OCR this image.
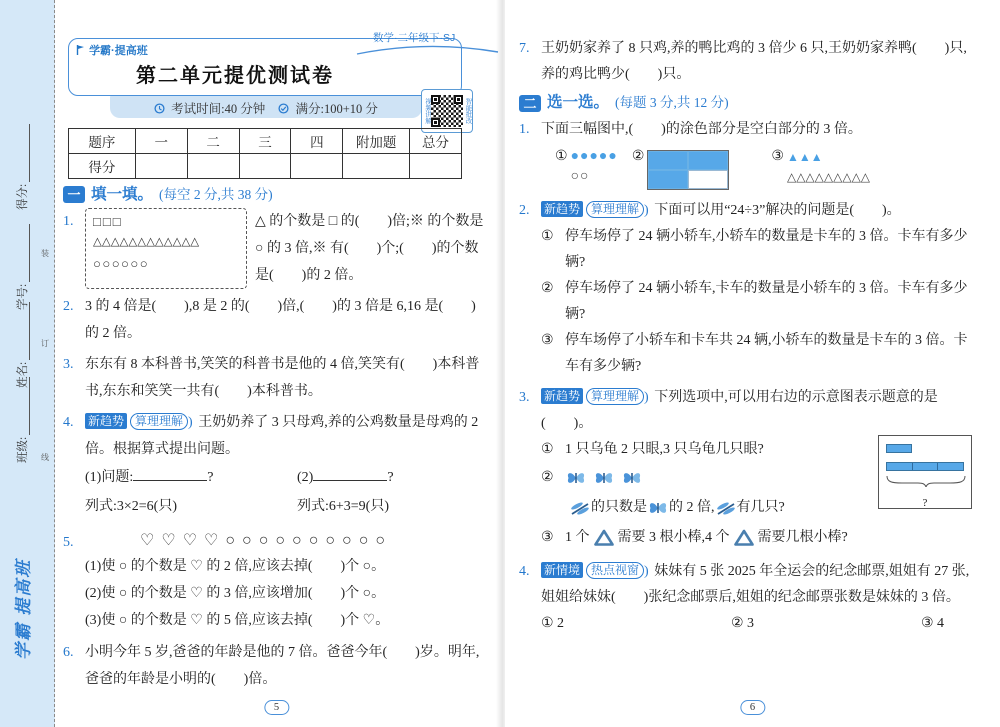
得分:
学号:
姓名:
班级:
装
订
线
学霸 提高班
考试时间:40 分钟 满分:100+10 分
学霸·提高班
第二单元提优测试卷
视频讲解	智能批改
数学·二年级下·SJ
题序	一	二	三	四	附加题	总分
得分						
一 填一填。 (每空 2 分,共 38 分)
1.	□□□
△△△△△△△△△△△△
○○○○○○
△ 的个数是 □ 的(　　)倍;※ 的个数是 ○ 的 3 倍,※ 有(　　)个;(　　)的个数是(　　)的 2 倍。
2. 3 的 4 倍是(　　),8 是 2 的(　　)倍,(　　)的 3 倍是 6,16 是(　　)的 2 倍。
3. 东东有 8 本科普书,笑笑的科普书是他的 4 倍,笑笑有(　　)本科普书,东东和笑笑一共有(　　)本科普书。
4.	新趋势 算理理解 ) 王奶奶养了 3 只母鸡,养的公鸡数量是母鸡的 2 倍。根据算式提出问题。
(1)问题:	?	(2)	?
列式:3×2=6(只)	列式:6+3=9(只)
5.	♡♡♡♡○○○○○○○○○○
(1)使 ○ 的个数是 ♡ 的 2 倍,应该去掉(　　)个 ○。
(2)使 ○ 的个数是 ♡ 的 3 倍,应该增加(　　)个 ○。
(3)使 ○ 的个数是 ♡ 的 5 倍,应该去掉(　　)个 ♡。
6. 小明今年 5 岁,爸爸的年龄是他的 7 倍。爸爸今年(　　)岁。明年,爸爸的年龄是小明的(　　)倍。
5
7. 王奶奶家养了 8 只鸡,养的鸭比鸡的 3 倍少 6 只,王奶奶家养鸭(　　)只,养的鸡比鸭少(　　)只。
二 选一选。 (每题 3 分,共 12 分)
1. 下面三幅图中,(　　)的涂色部分是空白部分的 3 倍。
① ●●●●●
○○
②	③ ▲▲▲
△△△△△△△△△
2.	新趋势 算理理解 ) 下面可以用“24÷3”解决的问题是(　　)。
① 停车场停了 24 辆小轿车,小轿车的数量是卡车的 3 倍。卡车有多少辆?
② 停车场停了 24 辆小轿车,卡车的数量是小轿车的 3 倍。卡车有多少辆?
③ 停车场停了小轿车和卡车共 24 辆,小轿车的数量是卡车的 3 倍。卡车有多少辆?
3.	新趋势 算理理解 ) 下列选项中,可以用右边的示意图表示题意的是(　　)。
① 1 只乌龟 2 只眼,3 只乌龟几只眼?
②
的只数是 的 2 倍, 有几只?
③ 1 个 需要 3 根小棒,4 个 需要几根小棒?
?
4.	新情境 热点视窗 ) 妹妹有 5 张 2025 年全运会的纪念邮票,姐姐有 27 张,姐姐给妹妹(　　)张纪念邮票后,姐姐的纪念邮票张数是妹妹的 3 倍。
① 2	② 3	③ 4
6
